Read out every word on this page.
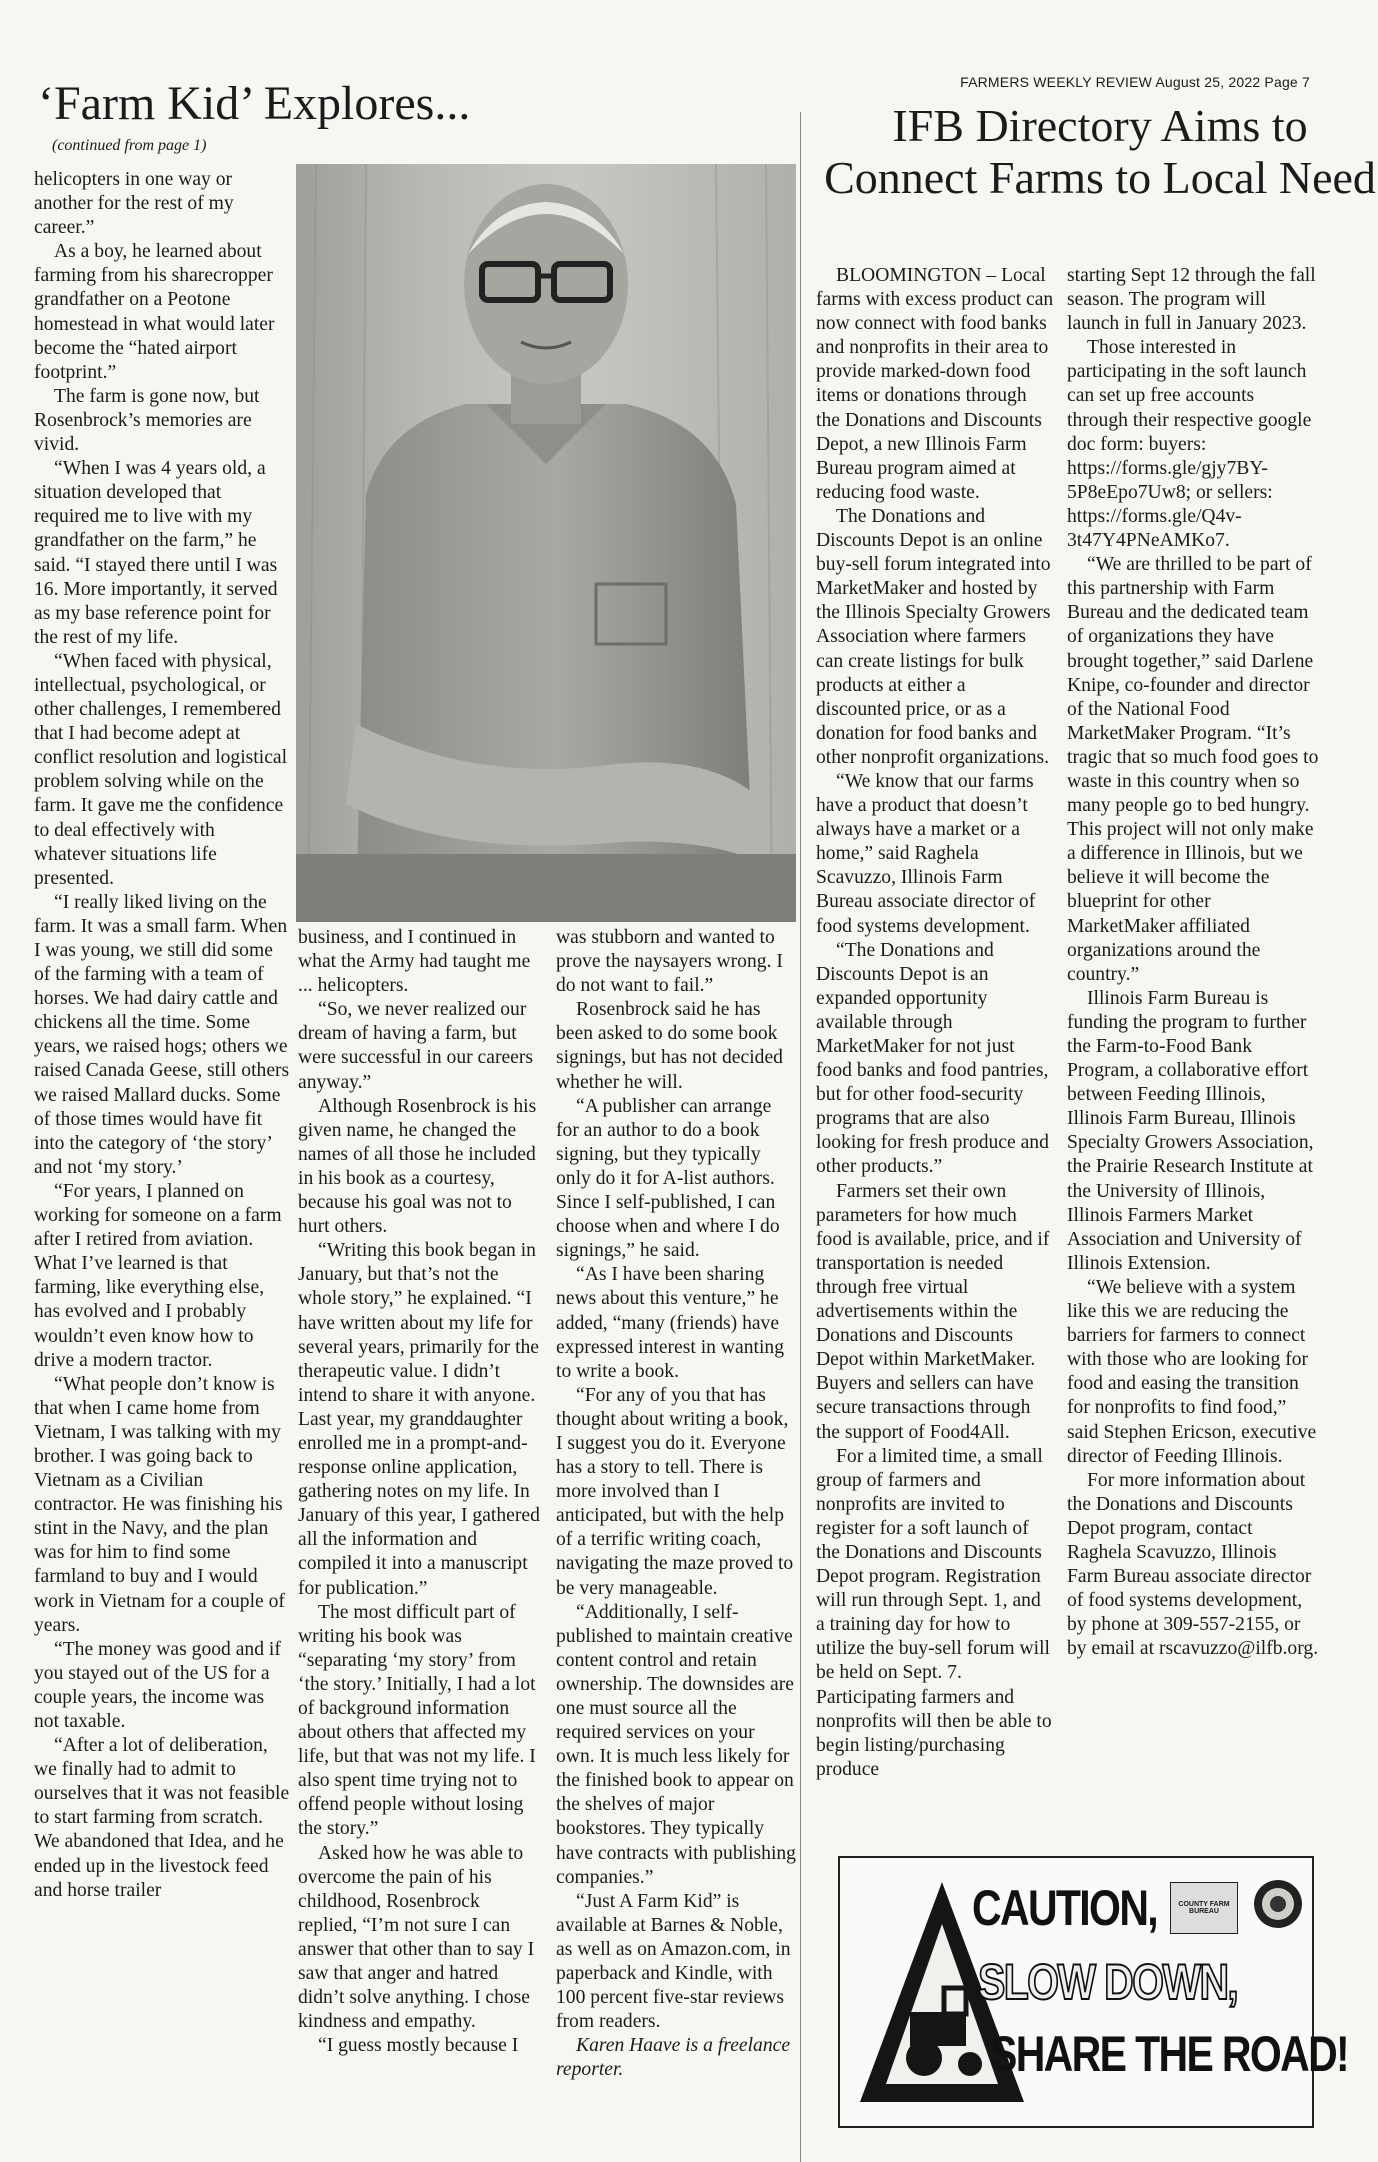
FARMERS WEEKLY REVIEW August 25, 2022 Page 7
‘Farm Kid’ Explores...
(continued from page 1)	IFB Directory Aims to Connect Farms to Local Need

helicopters in one way or another for the rest of my career.”

As a boy, he learned about farming from his sharecropper grandfather on a Peotone homestead in what would later become the “hated airport footprint.”

The farm is gone now, but Rosenbrock’s memories are vivid.

“When I was 4 years old, a situation developed that required me to live with my grandfather on the farm,” he said. “I stayed there until I was 16. More importantly, it served as my base reference point for the rest of my life.

“When faced with physical, intellectual, psychological, or other challenges, I remembered that I had become adept at conflict resolution and logistical problem solving while on the farm. It gave me the confidence to deal effectively with whatever situations life presented.

“I really liked living on the farm. It was a small farm. When I was young, we still did some of the farming with a team of horses. We had dairy cattle and chickens all the time. Some years, we raised hogs; others we raised Canada Geese, still others we raised Mallard ducks. Some of those times would have fit into the category of ‘the story’ and not ‘my story.’

“For years, I planned on working for someone on a farm after I retired from aviation. What I’ve learned is that farming, like everything else, has evolved and I probably wouldn’t even know how to drive a modern tractor.

“What people don’t know is that when I came home from Vietnam, I was talking with my brother. I was going back to Vietnam as a Civilian contractor. He was finishing his stint in the Navy, and the plan was for him to find some farmland to buy and I would work in Vietnam for a couple of years.

“The money was good and if you stayed out of the US for a couple years, the income was not taxable.

“After a lot of deliberation, we finally had to admit to ourselves that it was not feasible to start farming from scratch. We abandoned that Idea, and he ended up in the livestock feed and horse trailer

business, and I continued in what the Army had taught me ... helicopters.

“So, we never realized our dream of having a farm, but were successful in our careers anyway.”

Although Rosenbrock is his given name, he changed the names of all those he included in his book as a courtesy, because his goal was not to hurt others.

“Writing this book began in January, but that’s not the whole story,” he explained. “I have written about my life for several years, primarily for the therapeutic value. I didn’t intend to share it with anyone. Last year, my granddaughter enrolled me in a prompt-and-response online application, gathering notes on my life. In January of this year, I gathered all the information and compiled it into a manuscript for publication.”

The most difficult part of writing his book was “separating ‘my story’ from ‘the story.’ Initially, I had a lot of background information about others that affected my life, but that was not my life. I also spent time trying not to offend people without losing the story.”

Asked how he was able to overcome the pain of his childhood, Rosenbrock replied, “I’m not sure I can answer that other than to say I saw that anger and hatred didn’t solve anything. I chose kindness and empathy.

“I guess mostly because I

was stubborn and wanted to prove the naysayers wrong. I do not want to fail.”

Rosenbrock said he has been asked to do some book signings, but has not decided whether he will.

“A publisher can arrange for an author to do a book signing, but they typically only do it for A-list authors. Since I self-published, I can choose when and where I do signings,” he said.

“As I have been sharing news about this venture,” he added, “many (friends) have expressed interest in wanting to write a book.

“For any of you that has thought about writing a book, I suggest you do it. Everyone has a story to tell. There is more involved than I anticipated, but with the help of a terrific writing coach, navigating the maze proved to be very manageable.

“Additionally, I self-published to maintain creative content control and retain ownership. The downsides are one must source all the required services on your own. It is much less likely for the finished book to appear on the shelves of major bookstores. They typically have contracts with publishing companies.”

“Just A Farm Kid” is available at Barnes & Noble, as well as on Amazon.com, in paperback and Kindle, with 100 percent five-star reviews from readers.

Karen Haave is a freelance reporter.

BLOOMINGTON – Local farms with excess product can now connect with food banks and nonprofits in their area to provide marked-down food items or donations through the Donations and Discounts Depot, a new Illinois Farm Bureau program aimed at reducing food waste.

The Donations and Discounts Depot is an online buy-sell forum integrated into MarketMaker and hosted by the Illinois Specialty Growers Association where farmers can create listings for bulk products at either a discounted price, or as a donation for food banks and other nonprofit organizations.

“We know that our farms have a product that doesn’t always have a market or a home,” said Raghela Scavuzzo, Illinois Farm Bureau associate director of food systems development.

“The Donations and Discounts Depot is an expanded opportunity available through MarketMaker for not just food banks and food pantries, but for other food-security programs that are also looking for fresh produce and other products.”

Farmers set their own parameters for how much food is available, price, and if transportation is needed through free virtual advertisements within the Donations and Discounts Depot within MarketMaker. Buyers and sellers can have secure transactions through the support of Food4All.

For a limited time, a small group of farmers and nonprofits are invited to register for a soft launch of the Donations and Discounts Depot program. Registration will run through Sept. 1, and a training day for how to utilize the buy-sell forum will be held on Sept. 7. Participating farmers and nonprofits will then be able to begin listing/purchasing produce

starting Sept 12 through the fall season. The program will launch in full in January 2023.

Those interested in participating in the soft launch can set up free accounts through their respective google doc form: buyers: https://forms.gle/gjy7BY-5P8eEpo7Uw8; or sellers: https://forms.gle/Q4v-3t47Y4PNeAMKo7.

“We are thrilled to be part of this partnership with Farm Bureau and the dedicated team of organizations they have brought together,” said Darlene Knipe, co-founder and director of the National Food MarketMaker Program. “It’s tragic that so much food goes to waste in this country when so many people go to bed hungry. This project will not only make a difference in Illinois, but we believe it will become the blueprint for other MarketMaker affiliated organizations around the country.”

Illinois Farm Bureau is funding the program to further the Farm-to-Food Bank Program, a collaborative effort between Feeding Illinois, Illinois Farm Bureau, Illinois Specialty Growers Association, the Prairie Research Institute at the University of Illinois, Illinois Farmers Market Association and University of Illinois Extension.

“We believe with a system like this we are reducing the barriers for farmers to connect with those who are looking for food and easing the transition for nonprofits to find food,” said Stephen Ericson, executive director of Feeding Illinois.

For more information about the Donations and Discounts Depot program, contact Raghela Scavuzzo, Illinois Farm Bureau associate director of food systems development, by phone at 309-557-2155, or by email at rscavuzzo@ilfb.org.

CAUTION,
SLOW DOWN,
SHARE THE ROAD!
COUNTY FARM BUREAU
